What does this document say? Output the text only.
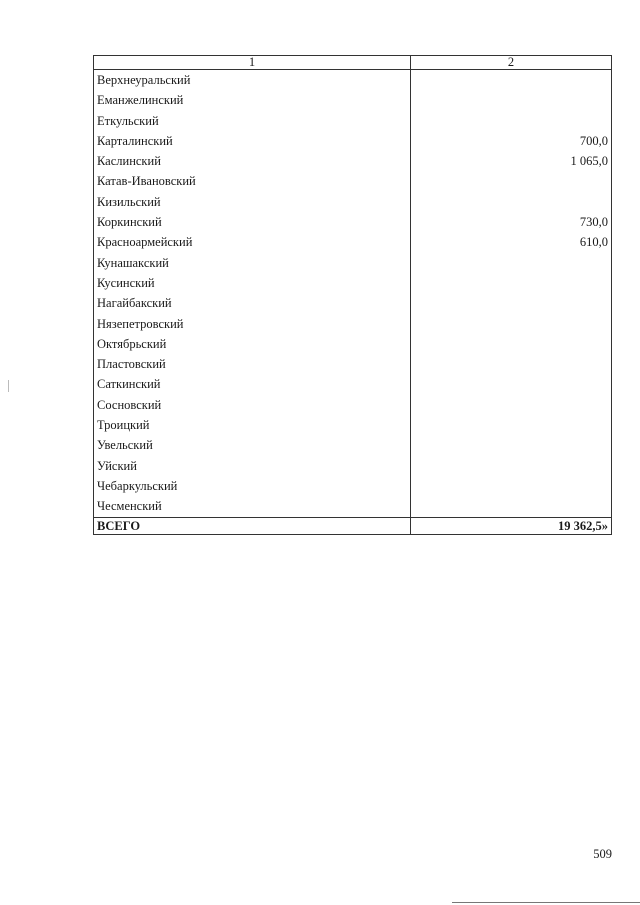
1	2
Верхнеуральский	
Еманжелинский	
Еткульский	
Карталинский	700,0
Каслинский	1 065,0
Катав-Ивановский	
Кизильский	
Коркинский	730,0
Красноармейский	610,0
Кунашакский	
Кусинский	
Нагайбакский	
Нязепетровский	
Октябрьский	
Пластовский	
Саткинский	
Сосновский	
Троицкий	
Увельский	
Уйский	
Чебаркульский	
Чесменский	
ВСЕГО	19 362,5»
509
